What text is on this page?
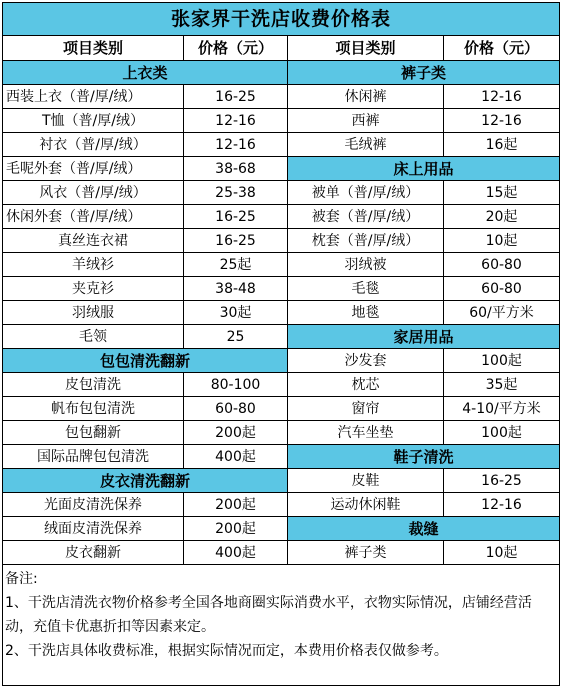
张家界干洗店收费价格表			
项目类别	价格（元）	项目类别	价格（元）
上衣类		裤子类	
西装上衣（普/厚/绒）	16-25	休闲裤	12-16
T恤（普/厚/绒）	12-16	西裤	12-16
衬衣（普/厚/绒）	12-16	毛绒裤	16起
毛呢外套（普/厚/绒）	38-68	床上用品	
风衣（普/厚/绒）	25-38	被单（普/厚/绒）	15起
休闲外套（普/厚/绒）	16-25	被套（普/厚/绒）	20起
真丝连衣裙	16-25	枕套（普/厚/绒）	10起
羊绒衫	25起	羽绒被	60-80
夹克衫	38-48	毛毯	60-80
羽绒服	30起	地毯	60/平方米
毛领	25	家居用品	
包包清洗翻新		沙发套	100起
皮包清洗	80-100	枕芯	35起
帆布包包清洗	60-80	窗帘	4-10/平方米
包包翻新	200起	汽车坐垫	100起
国际品牌包包清洗	400起	鞋子清洗	
皮衣清洗翻新		皮鞋	16-25
光面皮清洗保养	200起	运动休闲鞋	12-16
绒面皮清洗保养	200起	裁缝	
皮衣翻新	400起	裤子类	10起

备注:
1、干洗店清洗衣物价格参考全国各地商圈实际消费水平，衣物实际情况，店铺经营活动，充值卡优惠折扣等因素来定。
2、干洗店具体收费标准，根据实际情况而定，本费用价格表仅做参考。			
